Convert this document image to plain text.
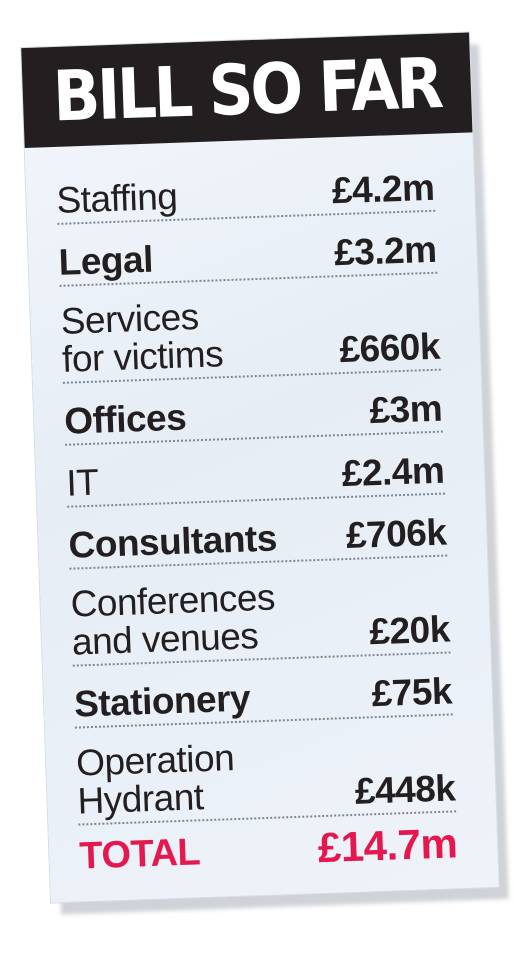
BILL SO FAR
Staffing	£4.2m
Legal	£3.2m
Services
for victims	£660k
Offices	£3m
IT	£2.4m
Consultants £706k
Conferences
and venues	£20k
Stationery	£75k
Operation
Hydrant	£448k
TOTAL	£14.7m
